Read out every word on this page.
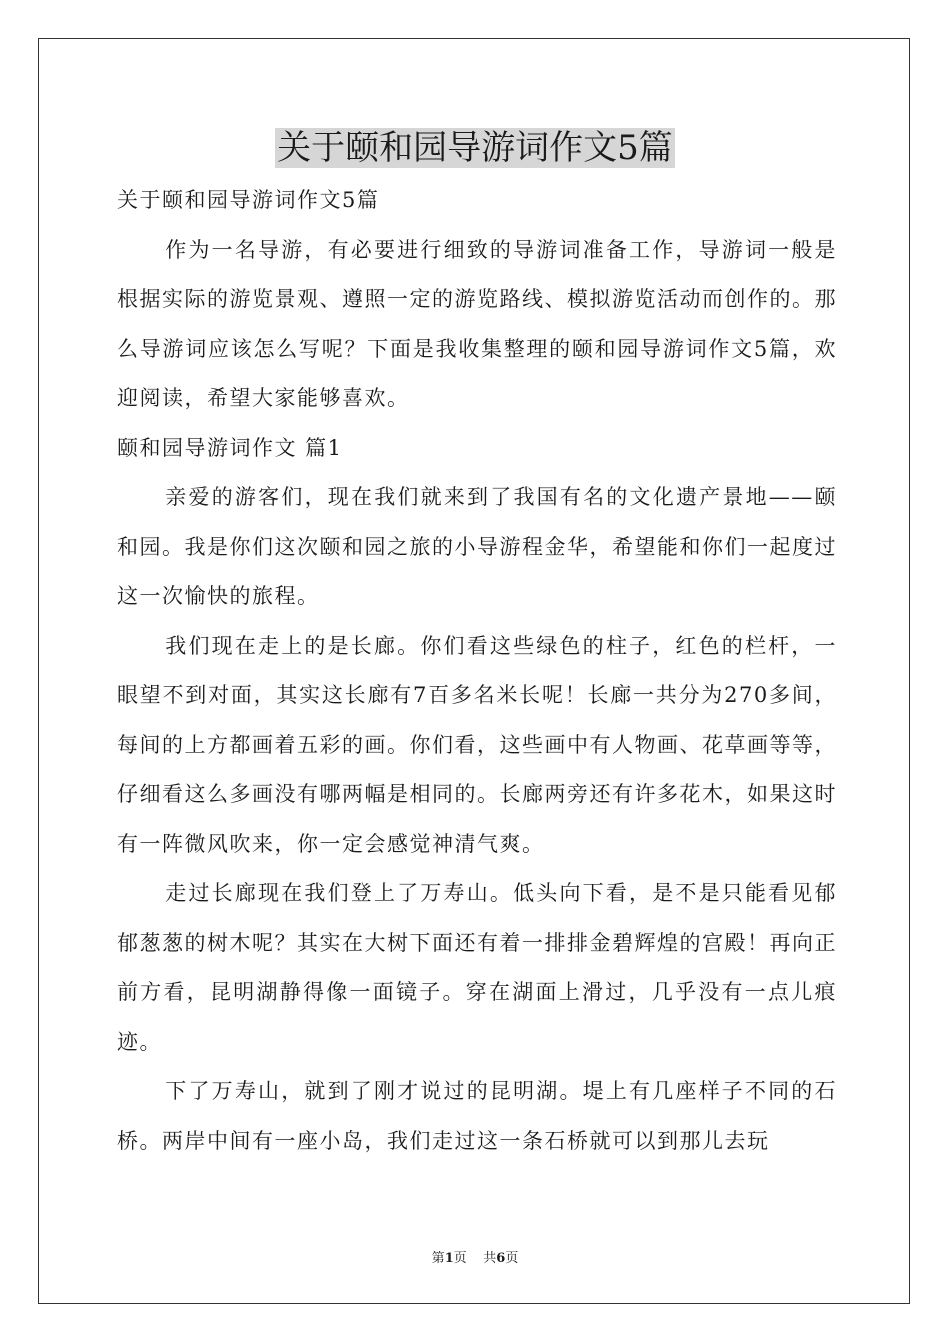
关于颐和园导游词作文5篇

关于颐和园导游词作文5篇

作为一名导游，有必要进行细致的导游词准备工作，导游词一般是根据实际的游览景观、遵照一定的游览路线、模拟游览活动而创作的。那么导游词应该怎么写呢？下面是我收集整理的颐和园导游词作文5篇，欢迎阅读，希望大家能够喜欢。

颐和园导游词作文 篇1

亲爱的游客们，现在我们就来到了我国有名的文化遗产景地——颐和园。我是你们这次颐和园之旅的小导游程金华，希望能和你们一起度过这一次愉快的旅程。

我们现在走上的是长廊。你们看这些绿色的柱子，红色的栏杆，一眼望不到对面，其实这长廊有7百多名米长呢！长廊一共分为270多间，每间的上方都画着五彩的画。你们看，这些画中有人物画、花草画等等，仔细看这么多画没有哪两幅是相同的。长廊两旁还有许多花木，如果这时有一阵微风吹来，你一定会感觉神清气爽。

走过长廊现在我们登上了万寿山。低头向下看，是不是只能看见郁郁葱葱的树木呢？其实在大树下面还有着一排排金碧辉煌的宫殿！再向正前方看，昆明湖静得像一面镜子。穿在湖面上滑过，几乎没有一点儿痕迹。

下了万寿山，就到了刚才说过的昆明湖。堤上有几座样子不同的石桥。两岸中间有一座小岛，我们走过这一条石桥就可以到那儿去玩

第1页    共6页
